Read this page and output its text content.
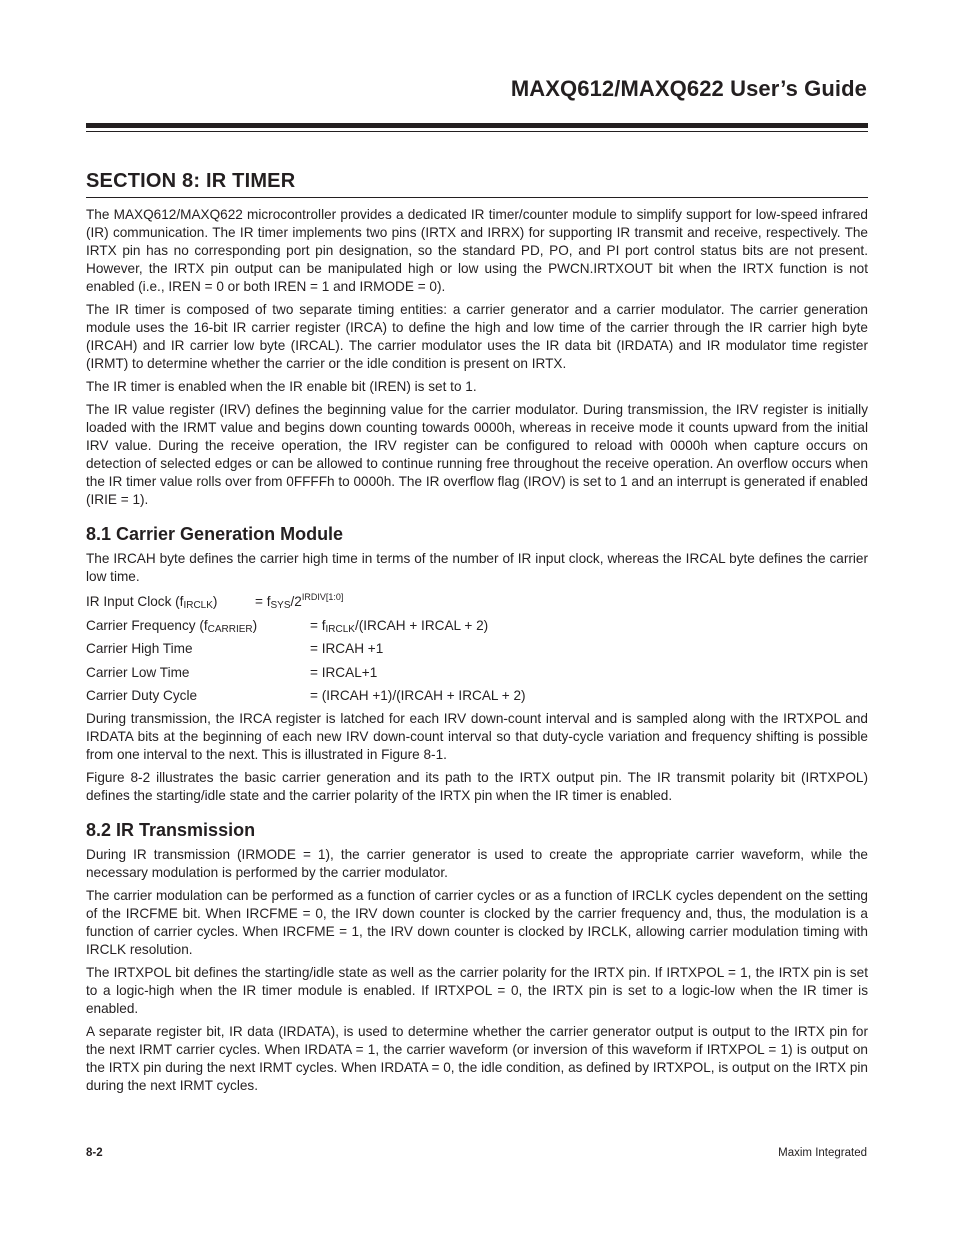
MAXQ612/MAXQ622 User’s Guide
SECTION 8: IR TIMER

The MAXQ612/MAXQ622 microcontroller provides a dedicated IR timer/counter module to simplify support for low-speed infrared (IR) communication. The IR timer implements two pins (IRTX and IRRX) for supporting IR transmit and receive, respectively. The IRTX pin has no corresponding port pin designation, so the standard PD, PO, and PI port control status bits are not present. However, the IRTX pin output can be manipulated high or low using the PWCN.IRTXOUT bit when the IRTX function is not enabled (i.e., IREN = 0 or both IREN = 1 and IRMODE = 0).

The IR timer is composed of two separate timing entities: a carrier generator and a carrier modulator. The carrier generation module uses the 16-bit IR carrier register (IRCA) to define the high and low time of the carrier through the IR carrier high byte (IRCAH) and IR carrier low byte (IRCAL). The carrier modulator uses the IR data bit (IRDATA) and IR modulator time register (IRMT) to determine whether the carrier or the idle condition is present on IRTX.

The IR timer is enabled when the IR enable bit (IREN) is set to 1.

The IR value register (IRV) defines the beginning value for the carrier modulator. During transmission, the IRV register is initially loaded with the IRMT value and begins down counting towards 0000h, whereas in receive mode it counts upward from the initial IRV value. During the receive operation, the IRV register can be configured to reload with 0000h when capture occurs on detection of selected edges or can be allowed to continue running free throughout the receive operation. An overflow occurs when the IR timer value rolls over from 0FFFFh to 0000h. The IR overflow flag (IROV) is set to 1 and an interrupt is generated if enabled (IRIE = 1).

8.1 Carrier Generation Module

The IRCAH byte defines the carrier high time in terms of the number of IR input clock, whereas the IRCAL byte defines the carrier low time.

IR Input Clock (fIRCLK)	= fSYS/$2^{IRDIV[1:0]}$
Carrier Frequency (fCARRIER)	= fIRCLK/(IRCAH + IRCAL + 2)
Carrier High Time	= IRCAH +1
Carrier Low Time	= IRCAL+1
Carrier Duty Cycle	= (IRCAH +1)/(IRCAH + IRCAL + 2)

During transmission, the IRCA register is latched for each IRV down-count interval and is sampled along with the IRTXPOL and IRDATA bits at the beginning of each new IRV down-count interval so that duty-cycle variation and frequency shifting is possible from one interval to the next. This is illustrated in Figure 8-1.

Figure 8-2 illustrates the basic carrier generation and its path to the IRTX output pin. The IR transmit polarity bit (IRTXPOL) defines the starting/idle state and the carrier polarity of the IRTX pin when the IR timer is enabled.

8.2 IR Transmission

During IR transmission (IRMODE = 1), the carrier generator is used to create the appropriate carrier waveform, while the necessary modulation is performed by the carrier modulator.

The carrier modulation can be performed as a function of carrier cycles or as a function of IRCLK cycles dependent on the setting of the IRCFME bit. When IRCFME = 0, the IRV down counter is clocked by the carrier frequency and, thus, the modulation is a function of carrier cycles. When IRCFME = 1, the IRV down counter is clocked by IRCLK, allowing carrier modulation timing with IRCLK resolution.

The IRTXPOL bit defines the starting/idle state as well as the carrier polarity for the IRTX pin. If IRTXPOL = 1, the IRTX pin is set to a logic-high when the IR timer module is enabled. If IRTXPOL = 0, the IRTX pin is set to a logic-low when the IR timer is enabled.

A separate register bit, IR data (IRDATA), is used to determine whether the carrier generator output is output to the IRTX pin for the next IRMT carrier cycles. When IRDATA = 1, the carrier waveform (or inversion of this waveform if IRTXPOL = 1) is output on the IRTX pin during the next IRMT cycles. When IRDATA = 0, the idle condition, as defined by IRTXPOL, is output on the IRTX pin during the next IRMT cycles.

8-2	Maxim Integrated
